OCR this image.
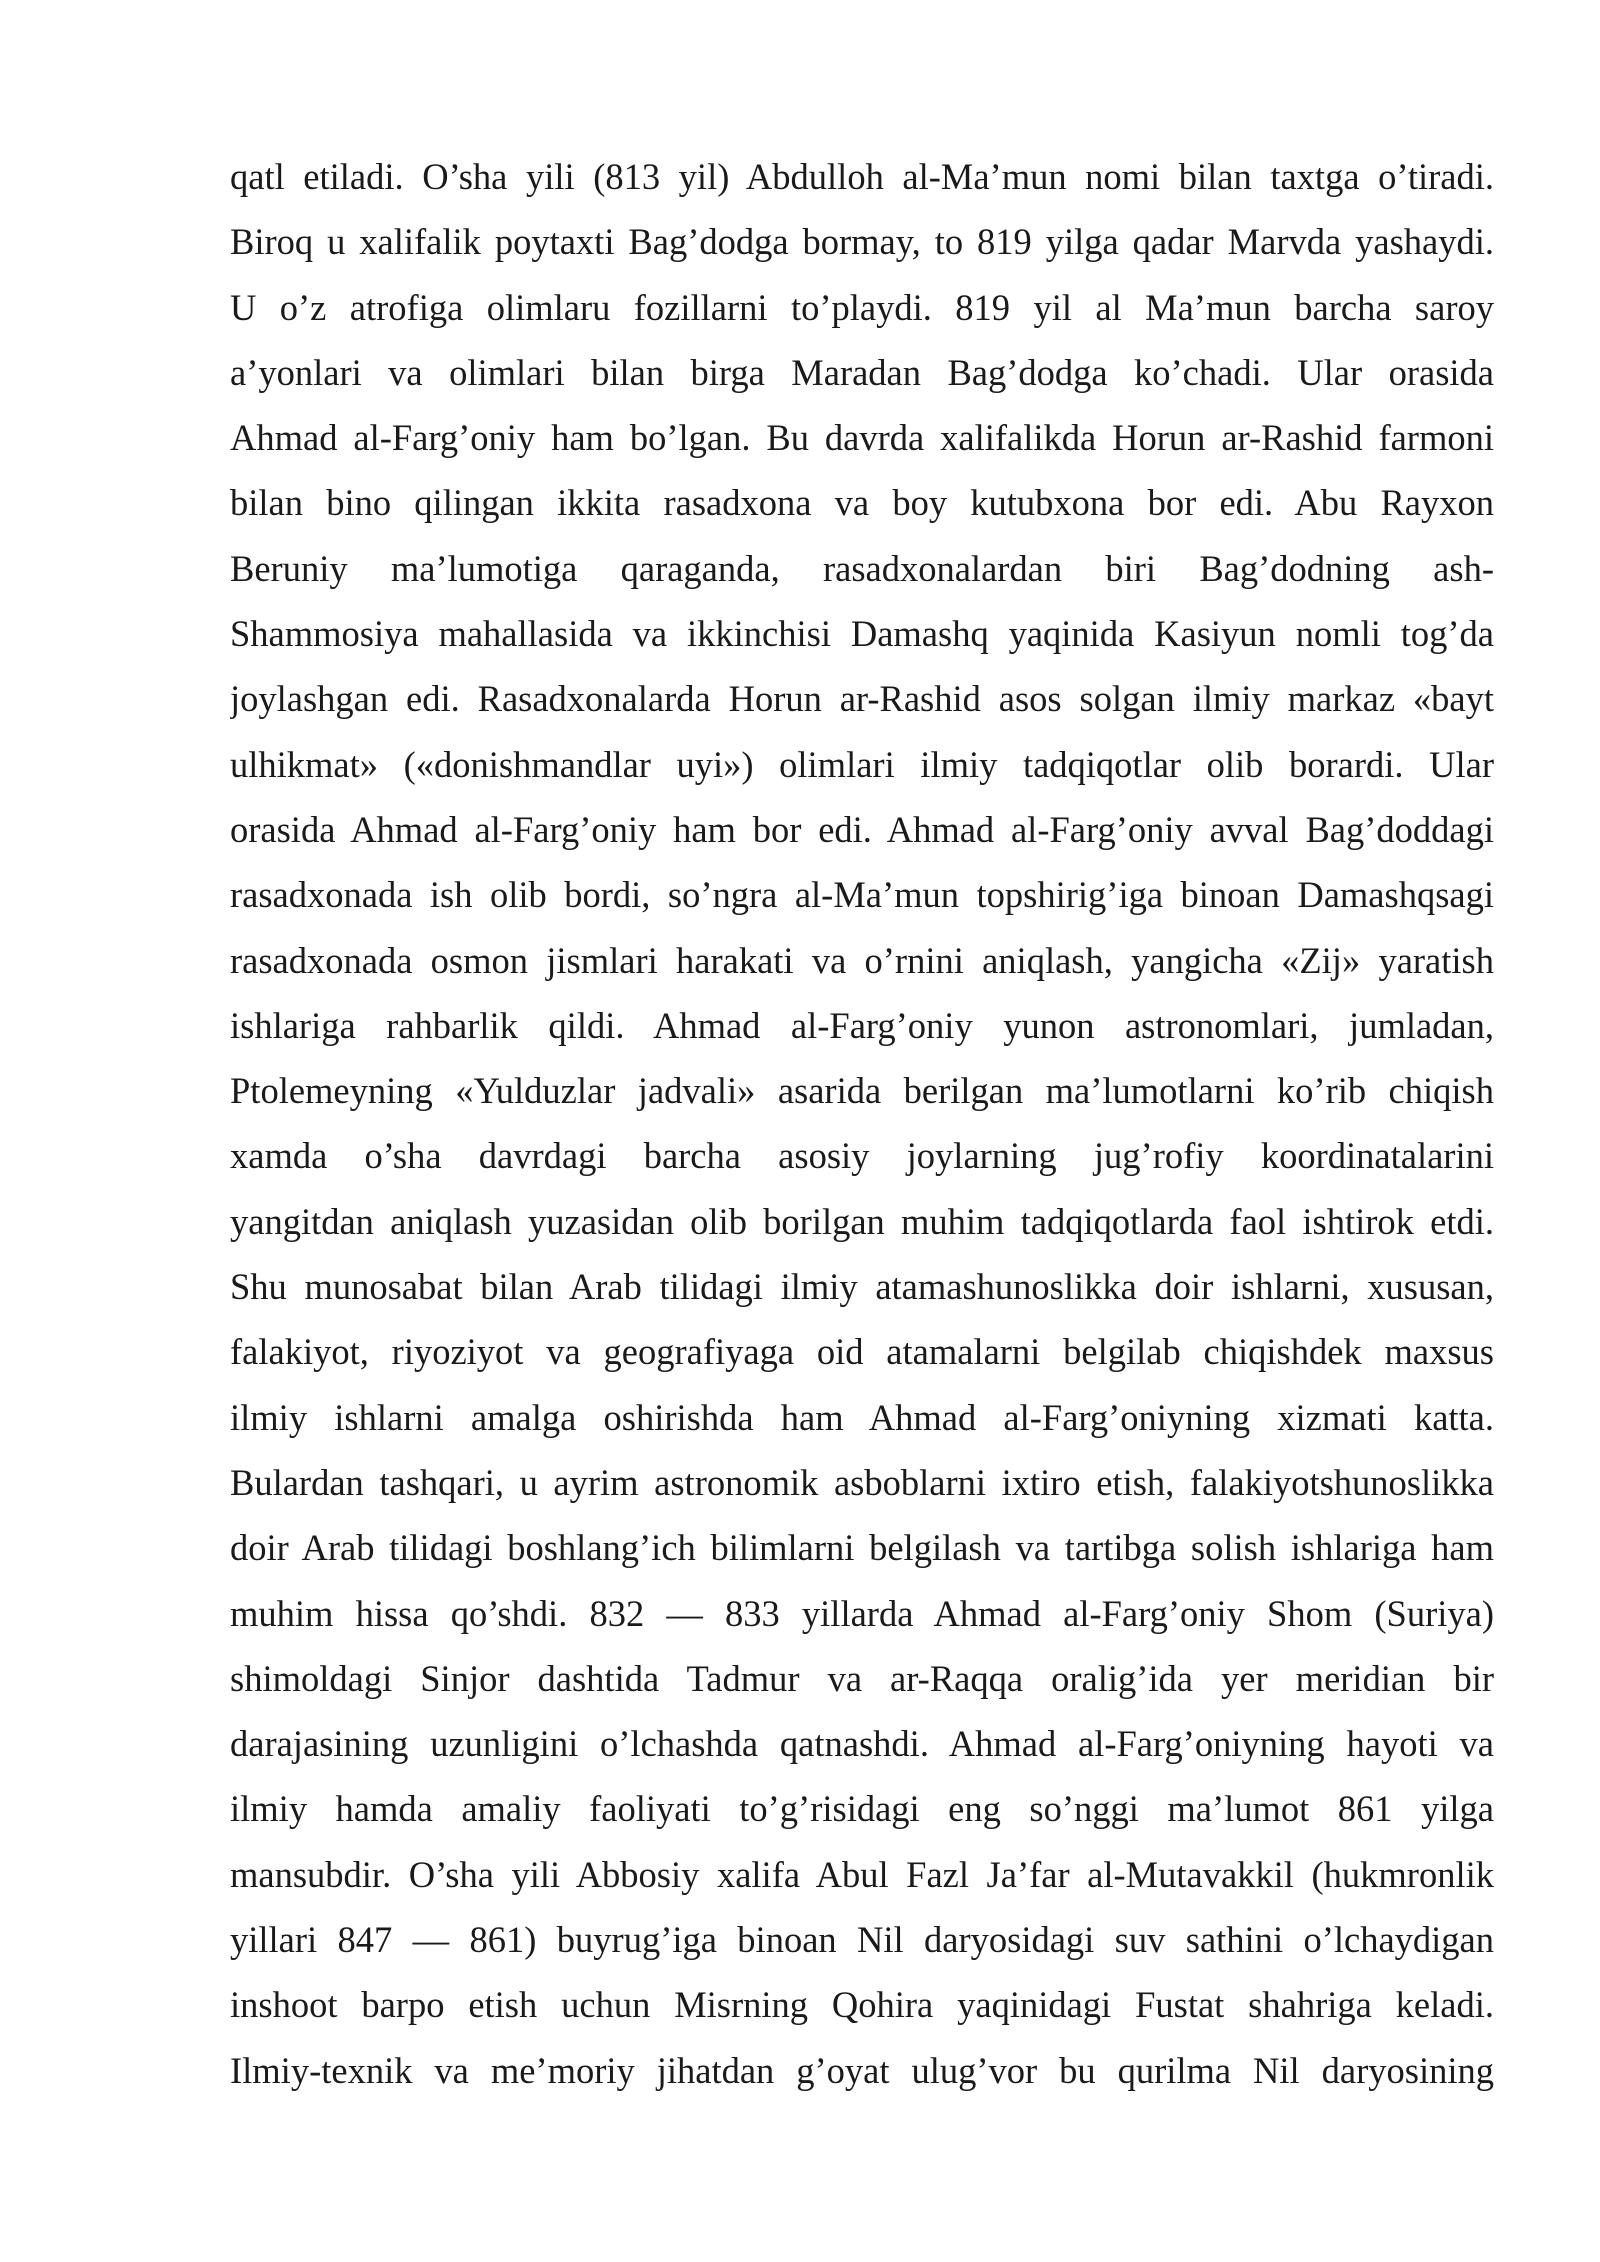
qatl etiladi. O’sha yili (813 yil) Abdulloh al-Ma’mun nomi bilan taxtga o’tiradi.
Biroq u xalifalik poytaxti Bag’dodga bormay, to 819 yilga qadar Marvda yashaydi.
U o’z atrofiga olimlaru fozillarni to’playdi. 819 yil al Ma’mun barcha saroy
a’yonlari va olimlari bilan birga Maradan Bag’dodga ko’chadi. Ular orasida
Ahmad al-Farg’oniy ham bo’lgan. Bu davrda xalifalikda Horun ar-Rashid farmoni
bilan bino qilingan ikkita rasadxona va boy kutubxona bor edi. Abu Rayxon
Beruniy ma’lumotiga qaraganda, rasadxonalardan biri Bag’dodning ash-
Shammosiya mahallasida va ikkinchisi Damashq yaqinida Kasiyun nomli tog’da
joylashgan edi. Rasadxonalarda Horun ar-Rashid asos solgan ilmiy markaz «bayt
ulhikmat» («donishmandlar uyi») olimlari ilmiy tadqiqotlar olib borardi. Ular
orasida Ahmad al-Farg’oniy ham bor edi. Ahmad al-Farg’oniy avval Bag’doddagi
rasadxonada ish olib bordi, so’ngra al-Ma’mun topshirig’iga binoan Damashqsagi
rasadxonada osmon jismlari harakati va o’rnini aniqlash, yangicha «Zij» yaratish
ishlariga rahbarlik qildi. Ahmad al-Farg’oniy yunon astronomlari, jumladan,
Ptolemeyning «Yulduzlar jadvali» asarida berilgan ma’lumotlarni ko’rib chiqish
xamda o’sha davrdagi barcha asosiy joylarning jug’rofiy koordinatalarini
yangitdan aniqlash yuzasidan olib borilgan muhim tadqiqotlarda faol ishtirok etdi.
Shu munosabat bilan Arab tilidagi ilmiy atamashunoslikka doir ishlarni, xususan,
falakiyot, riyoziyot va geografiyaga oid atamalarni belgilab chiqishdek maxsus
ilmiy ishlarni amalga oshirishda ham Ahmad al-Farg’oniyning xizmati katta.
Bulardan tashqari, u ayrim astronomik asboblarni ixtiro etish, falakiyotshunoslikka
doir Arab tilidagi boshlang’ich bilimlarni belgilash va tartibga solish ishlariga ham
muhim hissa qo’shdi. 832 — 833 yillarda Ahmad al-Farg’oniy Shom (Suriya)
shimoldagi Sinjor dashtida Tadmur va ar-Raqqa oralig’ida yer meridian bir
darajasining uzunligini o’lchashda qatnashdi. Ahmad al-Farg’oniyning hayoti va
ilmiy hamda amaliy faoliyati to’g’risidagi eng so’nggi ma’lumot 861 yilga
mansubdir. O’sha yili Abbosiy xalifa Abul Fazl Ja’far al-Mutavakkil (hukmronlik
yillari 847 — 861) buyrug’iga binoan Nil daryosidagi suv sathini o’lchaydigan
inshoot barpo etish uchun Misrning Qohira yaqinidagi Fustat shahriga keladi.
Ilmiy-texnik va me’moriy jihatdan g’oyat ulug’vor bu qurilma Nil daryosining
